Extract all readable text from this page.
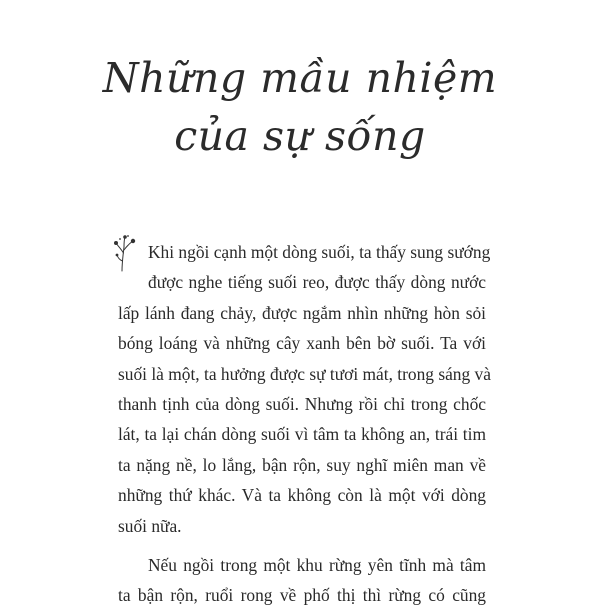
Những mầu nhiệm
của sự sống
Khi ngồi cạnh một dòng suối, ta thấy sung sướng
được nghe tiếng suối reo, được thấy dòng nước
lấp lánh đang chảy, được ngắm nhìn những hòn sỏi
bóng loáng và những cây xanh bên bờ suối. Ta với
suối là một, ta hưởng được sự tươi mát, trong sáng và
thanh tịnh của dòng suối. Nhưng rồi chỉ trong chốc
lát, ta lại chán dòng suối vì tâm ta không an, trái tim
ta nặng nề, lo lắng, bận rộn, suy nghĩ miên man về
những thứ khác. Và ta không còn là một với dòng
suối nữa.
Nếu ngồi trong một khu rừng yên tĩnh mà tâm
ta bận rộn, ruổi rong về phố thị thì rừng có cũng
